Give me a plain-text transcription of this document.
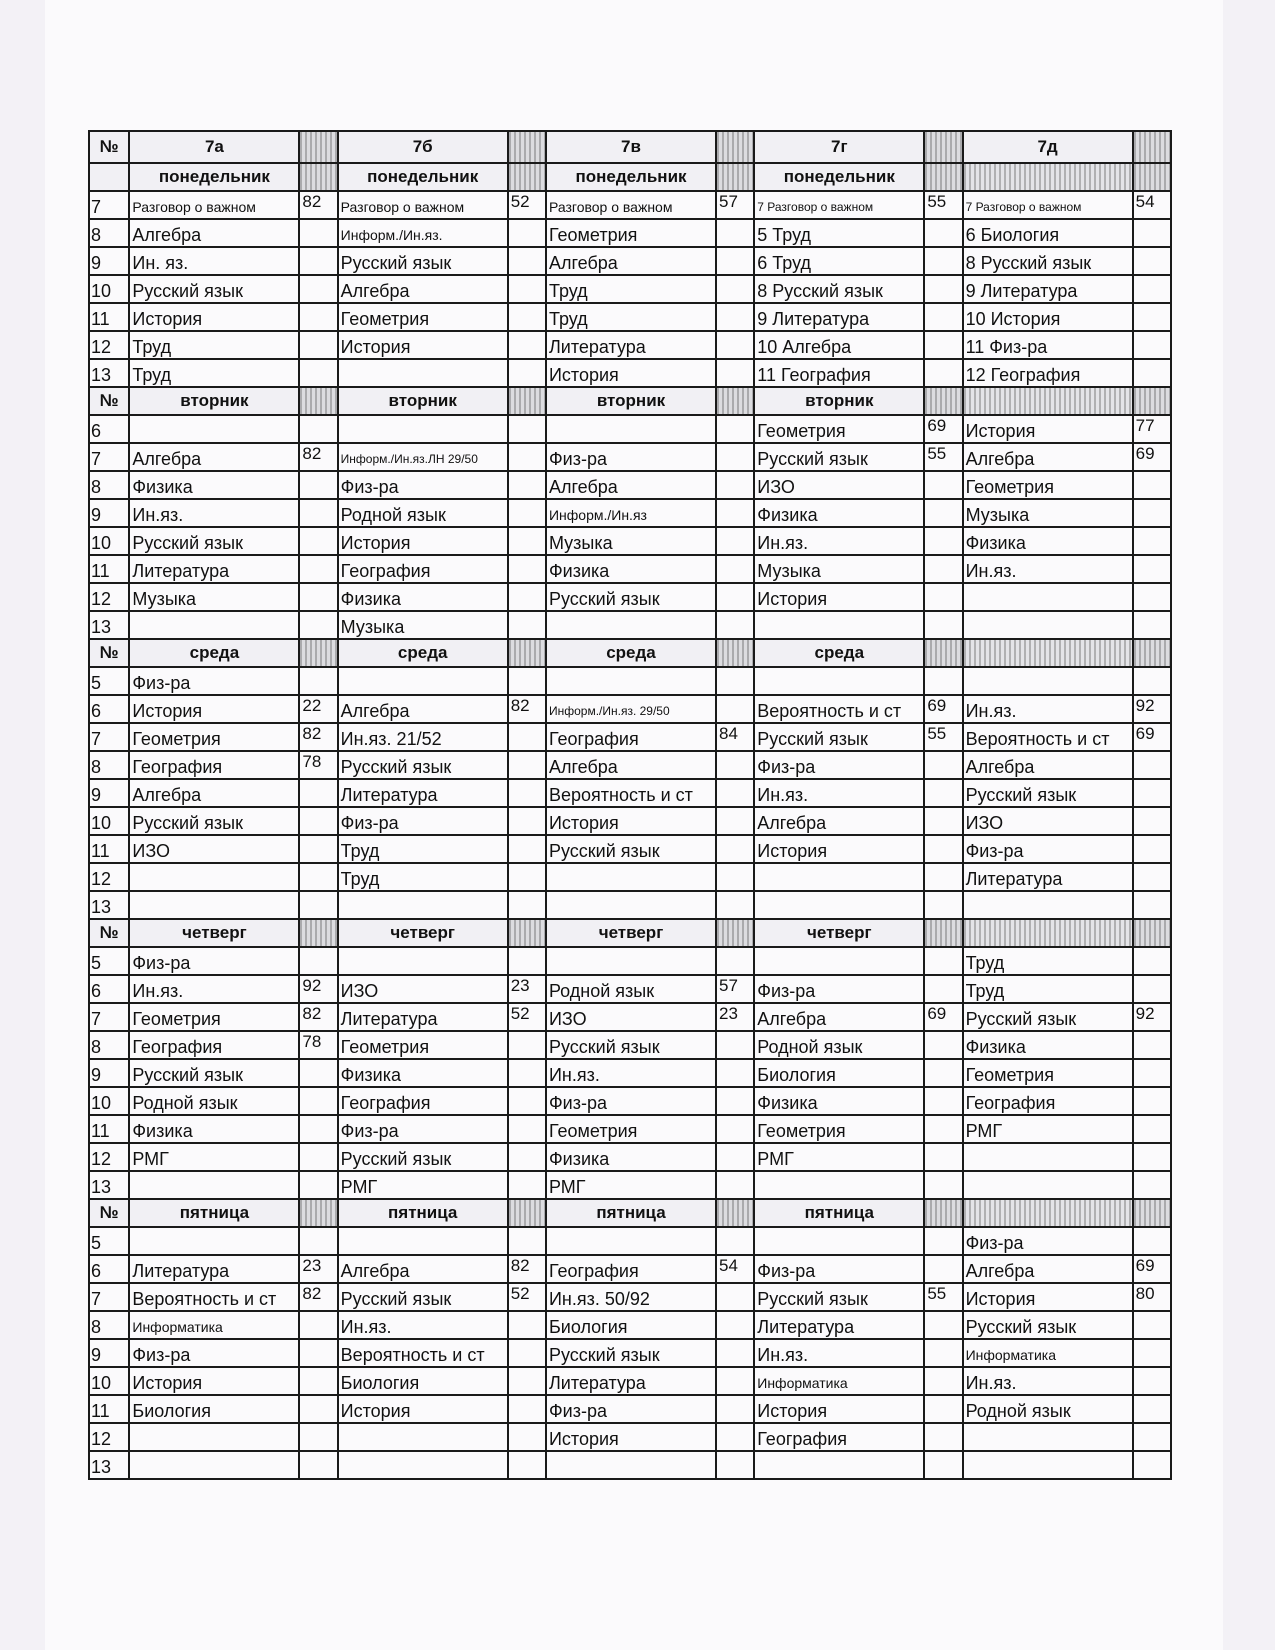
№	7а		7б		7в		7г		7д	
	понедельник		понедельник		понедельник		понедельник			
7	Разговор о важном	82	Разговор о важном	52	Разговор о важном	57	7 Разговор о важном	55	7 Разговор о важном	54
8	Алгебра		Информ./Ин.яз.		Геометрия		5 Труд		6 Биология	
9	Ин. яз.		Русский язык		Алгебра		6 Труд		8 Русский язык	
10	Русский язык		Алгебра		Труд		8 Русский язык		9 Литература	
11	История		Геометрия		Труд		9 Литература		10 История	
12	Труд		История		Литература		10 Алгебра		11 Физ-ра	
13	Труд				История		11 География		12 География	
№	вторник		вторник		вторник		вторник			
6							Геометрия	69	История	77
7	Алгебра	82	Информ./Ин.яз.ЛН 29/50		Физ-ра		Русский язык	55	Алгебра	69
8	Физика		Физ-ра		Алгебра		ИЗО		Геометрия	
9	Ин.яз.		Родной язык		Информ./Ин.яз		Физика		Музыка	
10	Русский язык		История		Музыка		Ин.яз.		Физика	
11	Литература		География		Физика		Музыка		Ин.яз.	
12	Музыка		Физика		Русский язык		История			
13			Музыка							
№	среда		среда		среда		среда			
5	Физ-ра									
6	История	22	Алгебра	82	Информ./Ин.яз. 29/50		Вероятность и ст	69	Ин.яз.	92
7	Геометрия	82	Ин.яз. 21/52		География	84	Русский язык	55	Вероятность и ст	69
8	География	78	Русский язык		Алгебра		Физ-ра		Алгебра	
9	Алгебра		Литература		Вероятность и ст		Ин.яз.		Русский язык	
10	Русский язык		Физ-ра		История		Алгебра		ИЗО	
11	ИЗО		Труд		Русский язык		История		Физ-ра	
12			Труд						Литература	
13										
№	четверг		четверг		четверг		четверг			
5	Физ-ра								Труд	
6	Ин.яз.	92	ИЗО	23	Родной язык	57	Физ-ра		Труд	
7	Геометрия	82	Литература	52	ИЗО	23	Алгебра	69	Русский язык	92
8	География	78	Геометрия		Русский язык		Родной язык		Физика	
9	Русский язык		Физика		Ин.яз.		Биология		Геометрия	
10	Родной язык		География		Физ-ра		Физика		География	
11	Физика		Физ-ра		Геометрия		Геометрия		РМГ	
12	РМГ		Русский язык		Физика		РМГ			
13			РМГ		РМГ					
№	пятница		пятница		пятница		пятница			
5									Физ-ра	
6	Литература	23	Алгебра	82	География	54	Физ-ра		Алгебра	69
7	Вероятность и ст	82	Русский язык	52	Ин.яз. 50/92		Русский язык	55	История	80
8	Информатика		Ин.яз.		Биология		Литература		Русский язык	
9	Физ-ра		Вероятность и ст		Русский язык		Ин.яз.		Информатика	
10	История		Биология		Литература		Информатика		Ин.яз.	
11	Биология		История		Физ-ра		История		Родной язык	
12					История		География			
13										
